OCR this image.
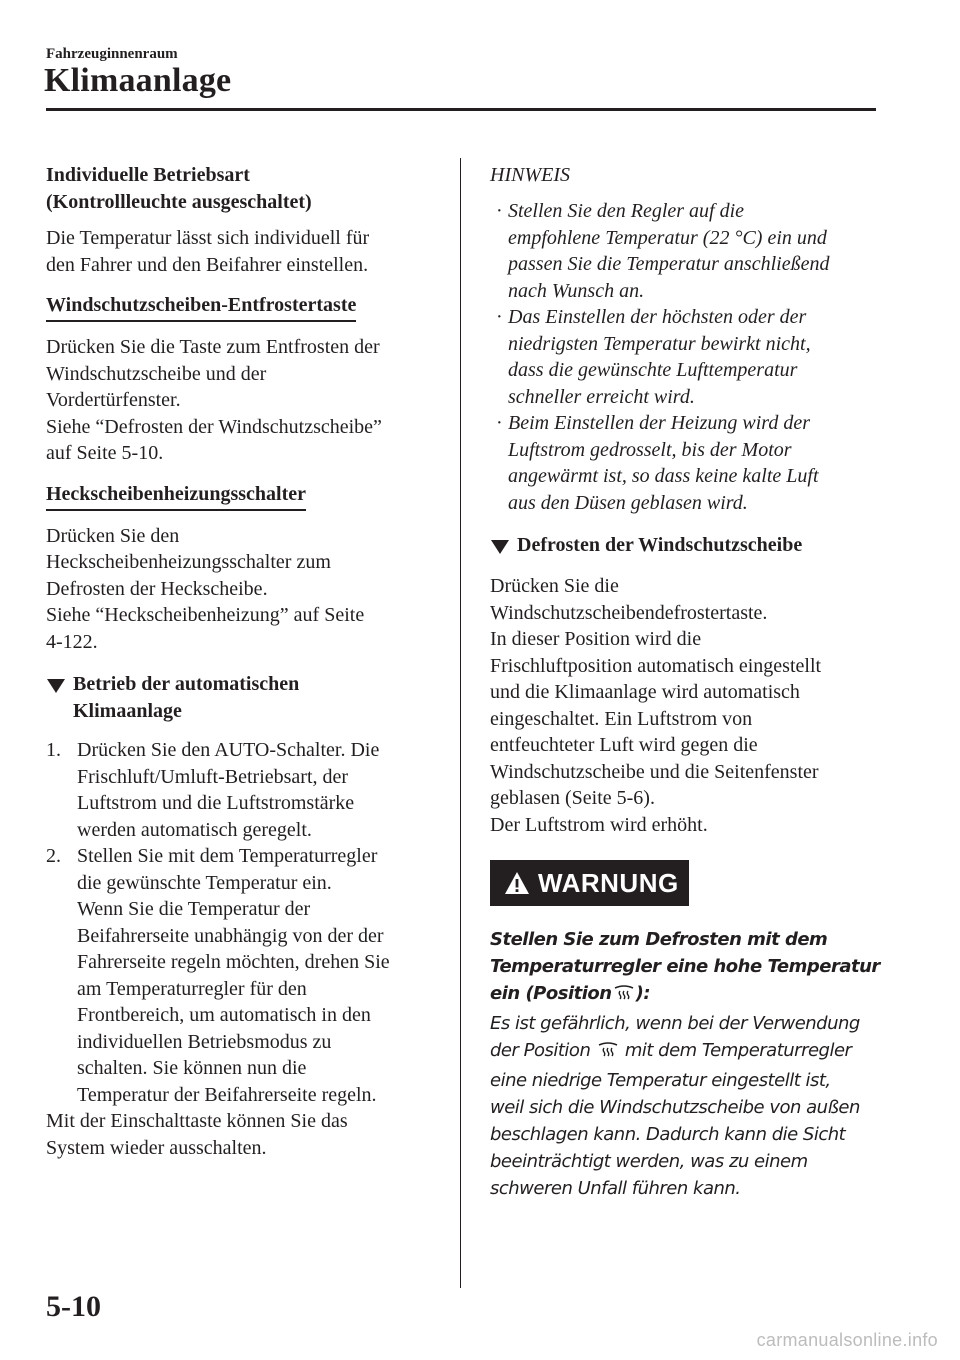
Fahrzeuginnenraum
Klimaanlage

Individuelle Betriebsart

(Kontrollleuchte ausgeschaltet)

Die Temperatur lässt sich individuell für

den Fahrer und den Beifahrer einstellen.

Windschutzscheiben-Entfrostertaste

Drücken Sie die Taste zum Entfrosten der

Windschutzscheibe und der

Vordertürfenster.

Siehe “Defrosten der Windschutzscheibe”

auf Seite 5-10.

Heckscheibenheizungsschalter

Drücken Sie den

Heckscheibenheizungsschalter zum

Defrosten der Heckscheibe.

Siehe “Heckscheibenheizung” auf Seite

4-122.

Betrieb der automatischen
Klimaanlage
1. Drücken Sie den AUTO-Schalter. Die
Frischluft/Umluft-Betriebsart, der
Luftstrom und die Luftstromstärke
werden automatisch geregelt.
2. Stellen Sie mit dem Temperaturregler
die gewünschte Temperatur ein.
Wenn Sie die Temperatur der
Beifahrerseite unabhängig von der der
Fahrerseite regeln möchten, drehen Sie
am Temperaturregler für den
Frontbereich, um automatisch in den
individuellen Betriebsmodus zu
schalten. Sie können nun die
Temperatur der Beifahrerseite regeln.

Mit der Einschalttaste können Sie das

System wieder ausschalten.

HINWEIS
· Stellen Sie den Regler auf die
empfohlene Temperatur (22 °C) ein und
passen Sie die Temperatur anschließend
nach Wunsch an.
· Das Einstellen der höchsten oder der
niedrigsten Temperatur bewirkt nicht,
dass die gewünschte Lufttemperatur
schneller erreicht wird.
· Beim Einstellen der Heizung wird der
Luftstrom gedrosselt, bis der Motor
angewärmt ist, so dass keine kalte Luft
aus den Düsen geblasen wird.
Defrosten der Windschutzscheibe

Drücken Sie die

Windschutzscheibendefrostertaste.

In dieser Position wird die

Frischluftposition automatisch eingestellt

und die Klimaanlage wird automatisch

eingeschaltet. Ein Luftstrom von

entfeuchteter Luft wird gegen die

Windschutzscheibe und die Seitenfenster

geblasen (Seite 5-6).

Der Luftstrom wird erhöht.

WARNUNG
Stellen Sie zum Defrosten mit dem
Temperaturregler eine hohe Temperatur
ein (Position ):
Es ist gefährlich, wenn bei der Verwendung
der Position mit dem Temperaturregler
eine niedrige Temperatur eingestellt ist,
weil sich die Windschutzscheibe von außen
beschlagen kann. Dadurch kann die Sicht
beeinträchtigt werden, was zu einem
schweren Unfall führen kann.
5-10
carmanualsonline.info
